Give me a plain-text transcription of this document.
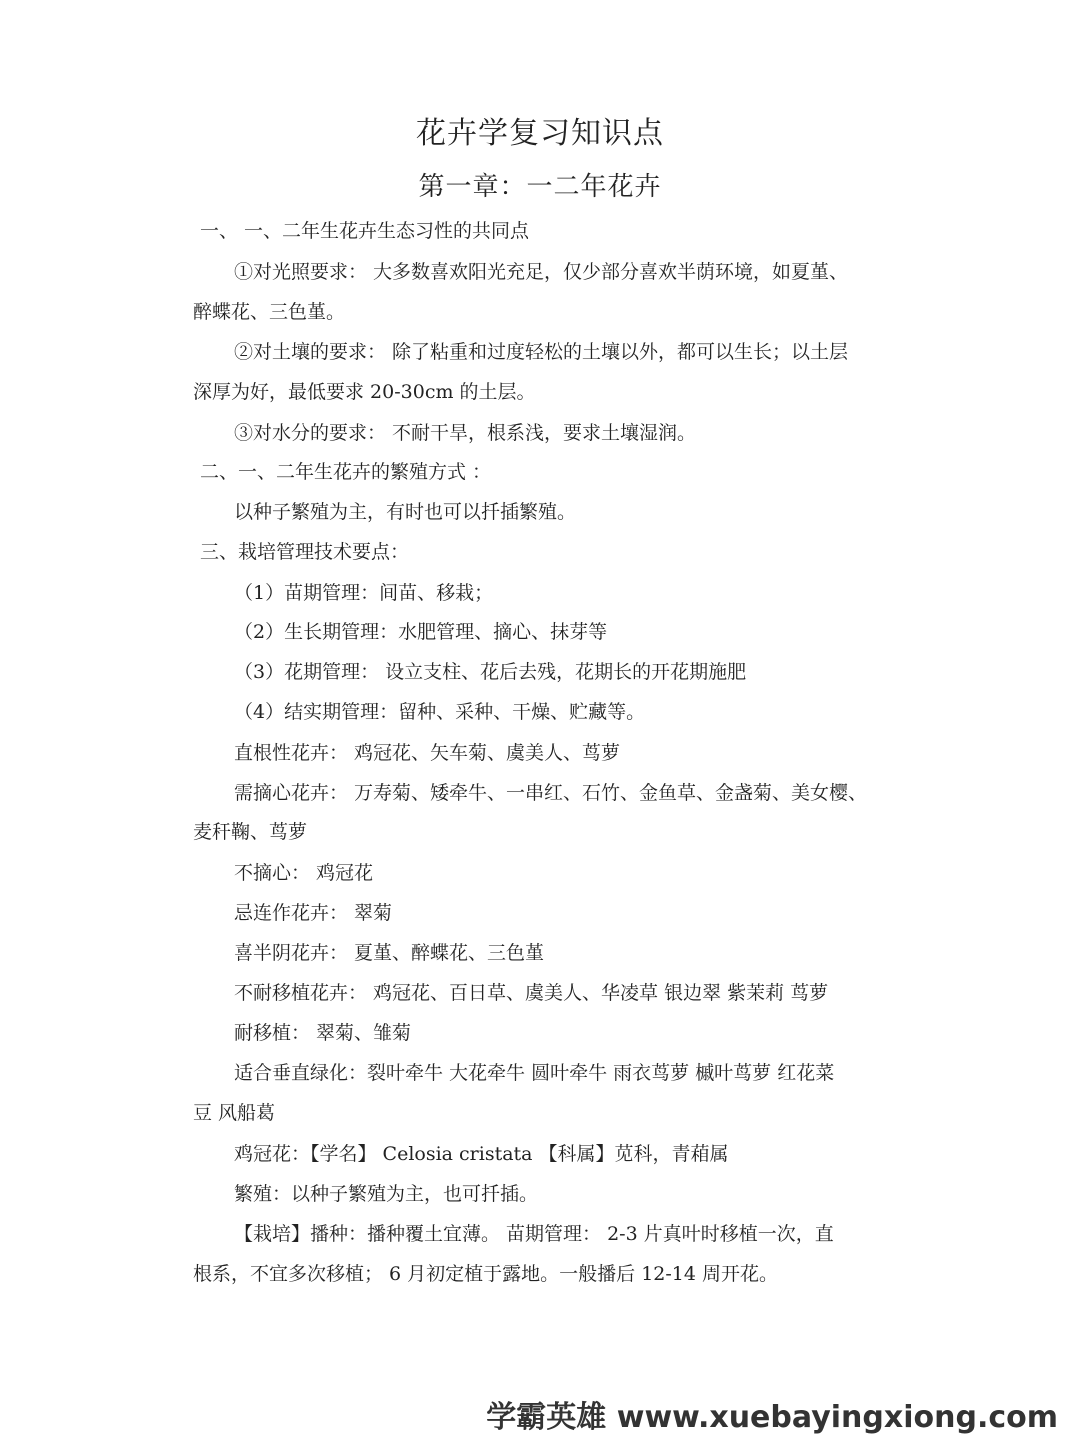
花卉学复习知识点
第一章：一二年花卉
一、 一、二年生花卉生态习性的共同点
①对光照要求： 大多数喜欢阳光充足，仅少部分喜欢半荫环境，如夏堇、
醉蝶花、三色堇。
②对土壤的要求： 除了粘重和过度轻松的土壤以外，都可以生长；以土层
深厚为好，最低要求 20-30cm 的土层。
③对水分的要求： 不耐干旱，根系浅，要求土壤湿润。
二、一、二年生花卉的繁殖方式 ：
以种子繁殖为主，有时也可以扦插繁殖。
三、栽培管理技术要点：
（1）苗期管理：间苗、移栽；
（2）生长期管理：水肥管理、摘心、抹芽等
（3）花期管理： 设立支柱、花后去残，花期长的开花期施肥
（4）结实期管理：留种、采种、干燥、贮藏等。
直根性花卉： 鸡冠花、矢车菊、虞美人、茑萝
需摘心花卉： 万寿菊、矮牵牛、一串红、石竹、金鱼草、金盏菊、美女樱、
麦秆鞠、茑萝
不摘心： 鸡冠花
忌连作花卉： 翠菊
喜半阴花卉： 夏堇、醉蝶花、三色堇
不耐移植花卉： 鸡冠花、百日草、虞美人、华凌草 银边翠 紫茉莉 茑萝
耐移植： 翠菊、雏菊
适合垂直绿化：裂叶牵牛 大花牵牛 圆叶牵牛 雨衣茑萝 槭叶茑萝 红花菜
豆 风船葛
鸡冠花：【学名】 Celosia cristata 【科属】苋科，青葙属
繁殖：以种子繁殖为主，也可扦插。
【栽培】播种：播种覆土宜薄。 苗期管理： 2-3 片真叶时移植一次，直
根系，不宜多次移植； 6 月初定植于露地。一般播后 12-14 周开花。
学霸英雄 www.xuebayingxiong.com
